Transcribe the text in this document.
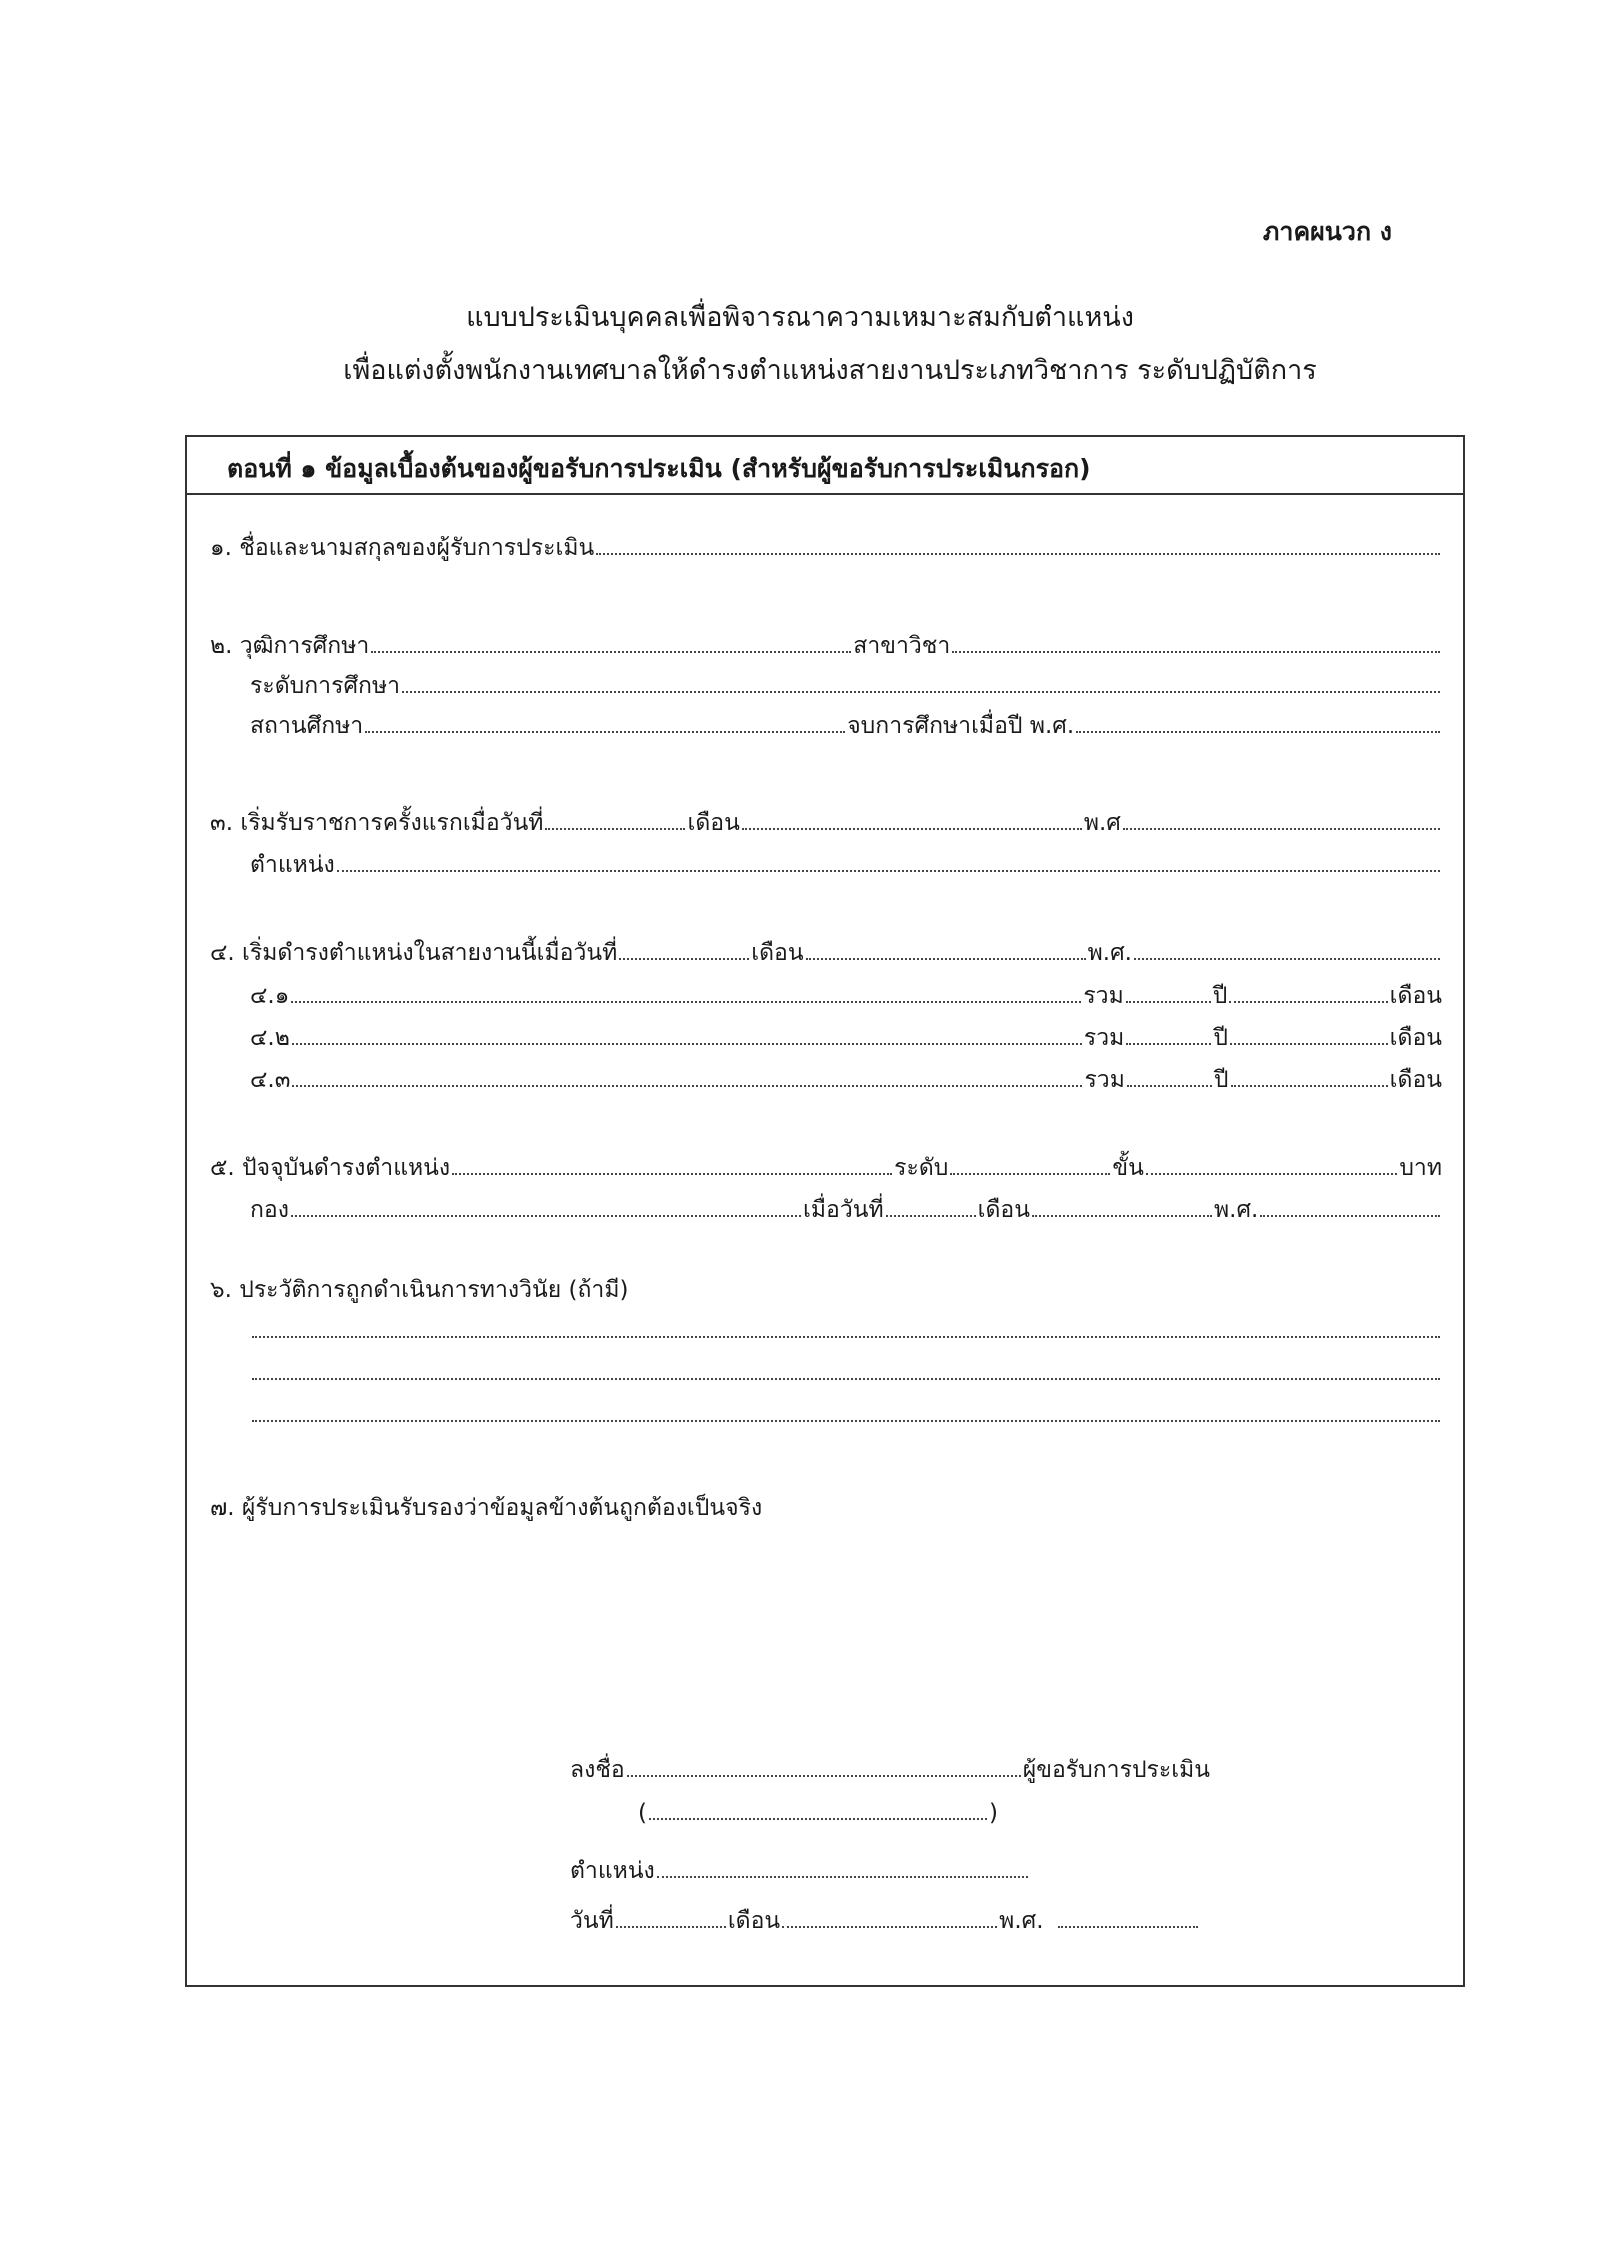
ภาคผนวก ง
แบบประเมินบุคคลเพื่อพิจารณาความเหมาะสมกับตำแหน่ง
เพื่อแต่งตั้งพนักงานเทศบาลให้ดำรงตำแหน่งสายงานประเภทวิชาการ ระดับปฏิบัติการ
ตอนที่ ๑ ข้อมูลเบื้องต้นของผู้ขอรับการประเมิน (สำหรับผู้ขอรับการประเมินกรอก)
๑. ชื่อและนามสกุลของผู้รับการประเมิน
๒. วุฒิการศึกษา	สาขาวิชา
ระดับการศึกษา
สถานศึกษา	จบการศึกษาเมื่อปี พ.ศ.
๓. เริ่มรับราชการครั้งแรกเมื่อวันที่	เดือน	พ.ศ
ตำแหน่ง
๔. เริ่มดำรงตำแหน่งในสายงานนี้เมื่อวันที่	เดือน	พ.ศ.
๔.๑	รวม	ปี	เดือน
๔.๒	รวม	ปี	เดือน
๔.๓	รวม	ปี	เดือน
๕. ปัจจุบันดำรงตำแหน่ง	ระดับ	ขั้น	บาท
กอง	เมื่อวันที่	เดือน	พ.ศ.
๖. ประวัติการถูกดำเนินการทางวินัย (ถ้ามี)
๗. ผู้รับการประเมินรับรองว่าข้อมูลข้างต้นถูกต้องเป็นจริง
ลงชื่อ	ผู้ขอรับการประเมิน
(	)
ตำแหน่ง
วันที่	เดือน	พ.ศ.
